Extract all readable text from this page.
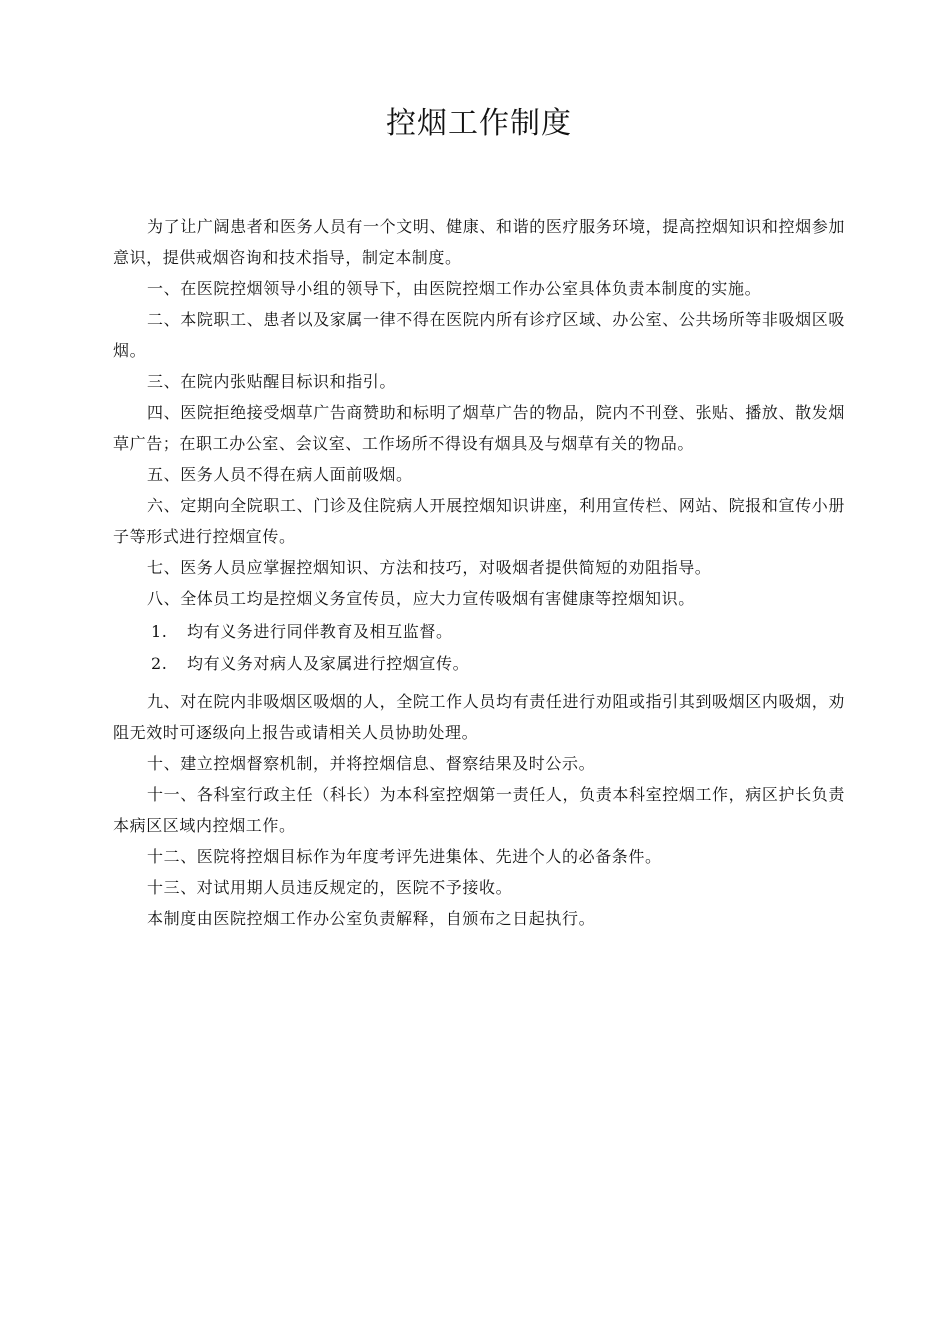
控烟工作制度

为了让广阔患者和医务人员有一个文明、健康、和谐的医疗服务环境，提高控烟知识和控烟参加意识，提供戒烟咨询和技术指导，制定本制度。

一、在医院控烟领导小组的领导下，由医院控烟工作办公室具体负责本制度的实施。

二、本院职工、患者以及家属一律不得在医院内所有诊疗区域、办公室、公共场所等非吸烟区吸烟。

三、在院内张贴醒目标识和指引。

四、医院拒绝接受烟草广告商赞助和标明了烟草广告的物品，院内不刊登、张贴、播放、散发烟草广告；在职工办公室、会议室、工作场所不得设有烟具及与烟草有关的物品。

五、医务人员不得在病人面前吸烟。

六、定期向全院职工、门诊及住院病人开展控烟知识讲座，利用宣传栏、网站、院报和宣传小册子等形式进行控烟宣传。

七、医务人员应掌握控烟知识、方法和技巧，对吸烟者提供简短的劝阻指导。

八、全体员工均是控烟义务宣传员，应大力宣传吸烟有害健康等控烟知识。

1.	均有义务进行同伴教育及相互监督。
2.	均有义务对病人及家属进行控烟宣传。

九、对在院内非吸烟区吸烟的人，全院工作人员均有责任进行劝阻或指引其到吸烟区内吸烟，劝阻无效时可逐级向上报告或请相关人员协助处理。

十、建立控烟督察机制，并将控烟信息、督察结果及时公示。

十一、各科室行政主任（科长）为本科室控烟第一责任人，负责本科室控烟工作，病区护长负责本病区区域内控烟工作。

十二、医院将控烟目标作为年度考评先进集体、先进个人的必备条件。

十三、对试用期人员违反规定的，医院不予接收。

本制度由医院控烟工作办公室负责解释，自颁布之日起执行。
